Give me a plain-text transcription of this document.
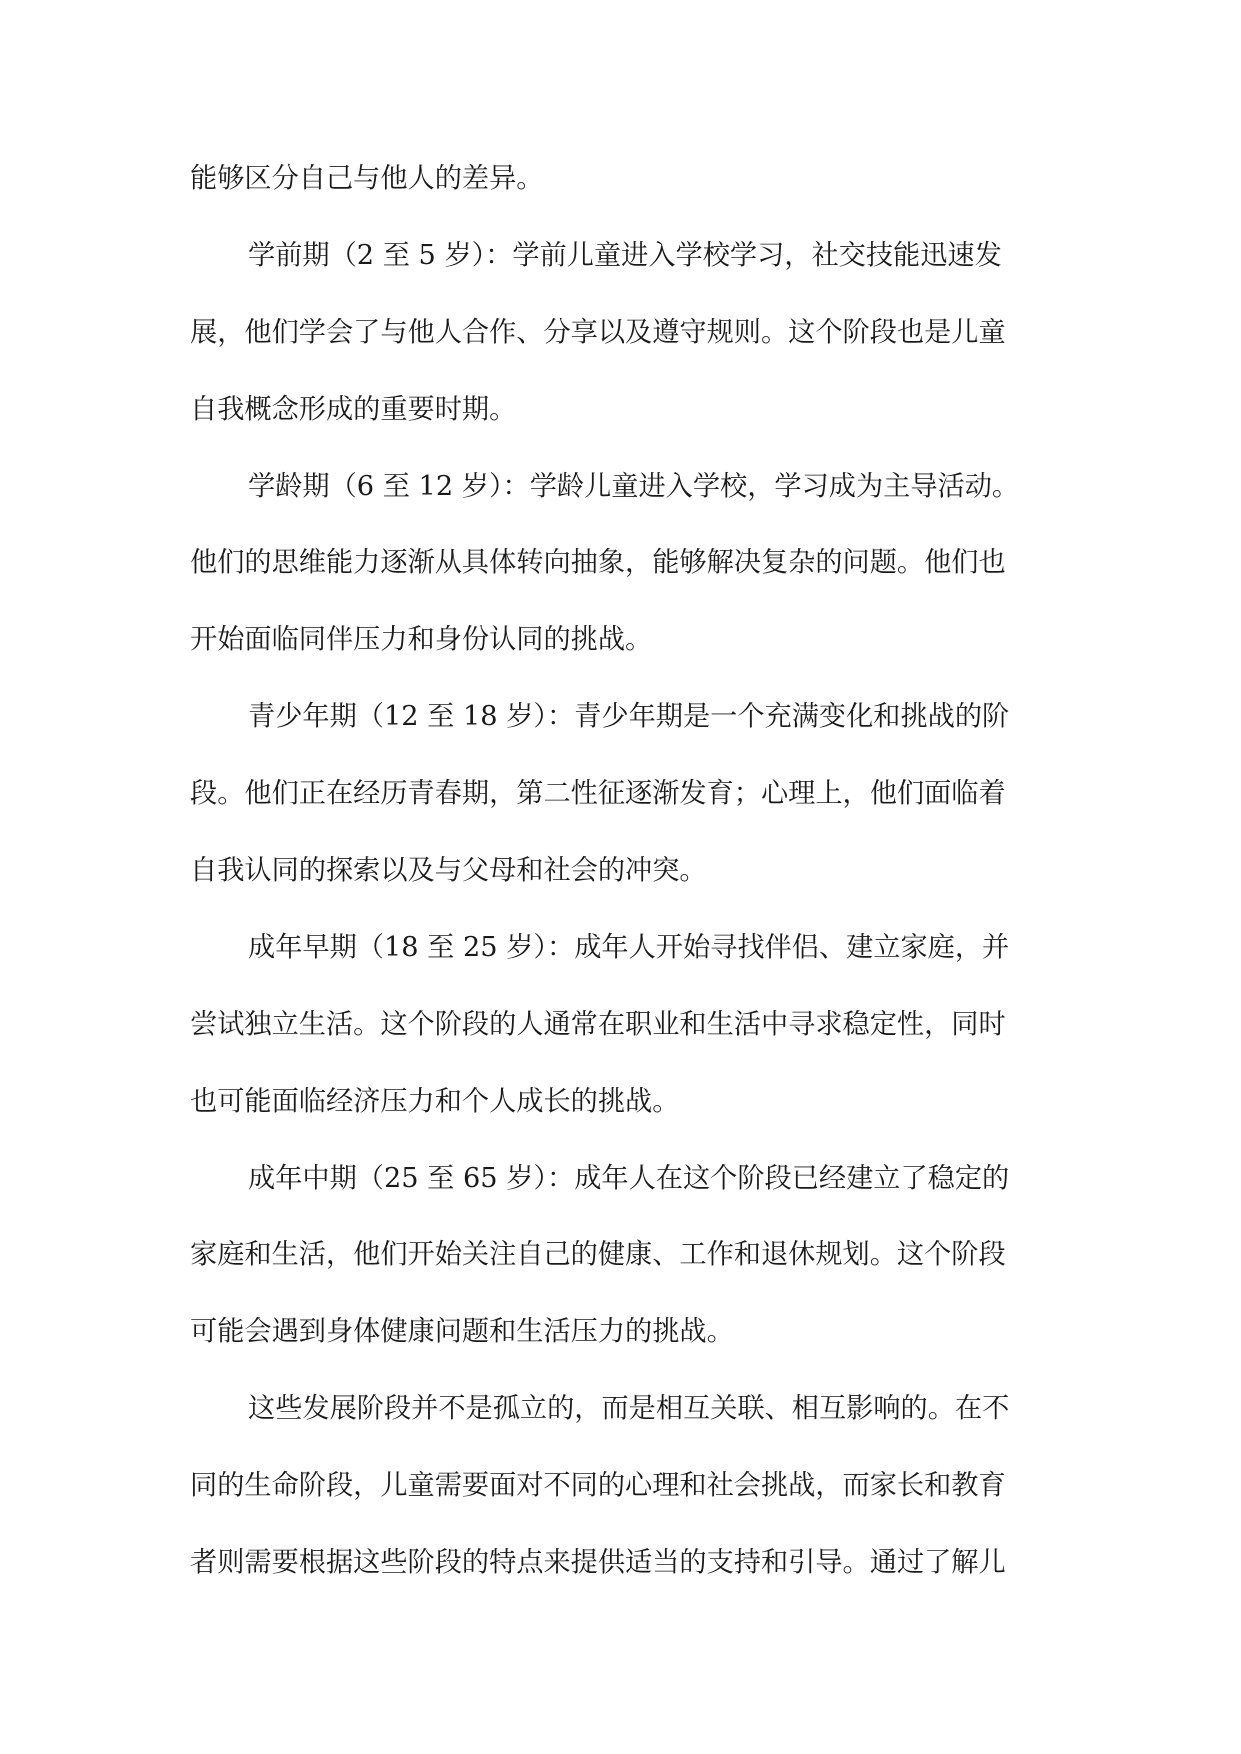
能够区分自己与他人的差异。

学前期（2 至 5 岁）：学前儿童进入学校学习，社交技能迅速发
展，他们学会了与他人合作、分享以及遵守规则。这个阶段也是儿童
自我概念形成的重要时期。

学龄期（6 至 12 岁）：学龄儿童进入学校，学习成为主导活动。
他们的思维能力逐渐从具体转向抽象，能够解决复杂的问题。他们也
开始面临同伴压力和身份认同的挑战。

青少年期（12 至 18 岁）：青少年期是一个充满变化和挑战的阶
段。他们正在经历青春期，第二性征逐渐发育；心理上，他们面临着
自我认同的探索以及与父母和社会的冲突。

成年早期（18 至 25 岁）：成年人开始寻找伴侣、建立家庭，并
尝试独立生活。这个阶段的人通常在职业和生活中寻求稳定性，同时
也可能面临经济压力和个人成长的挑战。

成年中期（25 至 65 岁）：成年人在这个阶段已经建立了稳定的
家庭和生活，他们开始关注自己的健康、工作和退休规划。这个阶段
可能会遇到身体健康问题和生活压力的挑战。

这些发展阶段并不是孤立的，而是相互关联、相互影响的。在不
同的生命阶段，儿童需要面对不同的心理和社会挑战，而家长和教育
者则需要根据这些阶段的特点来提供适当的支持和引导。通过了解儿
